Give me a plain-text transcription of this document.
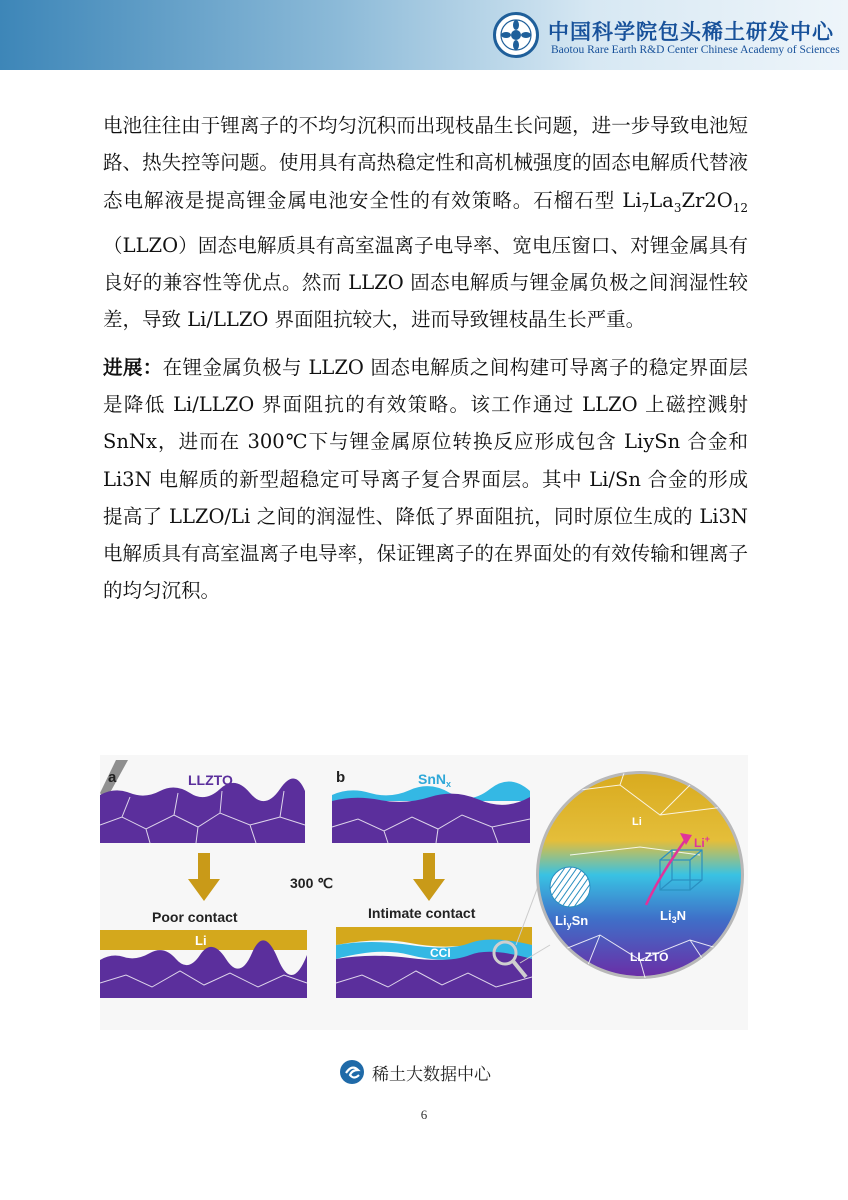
中国科学院包头稀土研发中心
Baotou Rare Earth R&D Center Chinese Academy of Sciences

电池往往由于锂离子的不均匀沉积而出现枝晶生长问题，进一步导致电池短路、热失控等问题。使用具有高热稳定性和高机械强度的固态电解质代替液态电解液是提高锂金属电池安全性的有效策略。石榴石型 $Li_7La_3Zr2O_{12}(LLZO)$固态电解质具有高室温离子电导率、宽电压窗口、对锂金属具有良好的兼容性等优点。然而 LLZO 固态电解质与锂金属负极之间润湿性较差，导致 Li/LLZO 界面阻抗较大，进而导致锂枝晶生长严重。

进展：在锂金属负极与 LLZO 固态电解质之间构建可导离子的稳定界面层是降低 Li/LLZO 界面阻抗的有效策略。该工作通过 LLZO 上磁控溅射 SnNx，进而在 300℃下与锂金属原位转换反应形成包含 LiySn 合金和 Li3N 电解质的新型超稳定可导离子复合界面层。其中 Li/Sn 合金的形成提高了 LLZO/Li 之间的润湿性、降低了界面阻抗，同时原位生成的 Li3N 电解质具有高室温离子电导率，保证锂离子的在界面处的有效传输和锂离子的均匀沉积。

a	LLZTO
Poor contact
Li
b	SnN$_x$
300 ℃
Intimate contact
CCI
Li
Li+
$Li_ySn$	$Li_3N$
LLZTO
稀土大数据中心
6
